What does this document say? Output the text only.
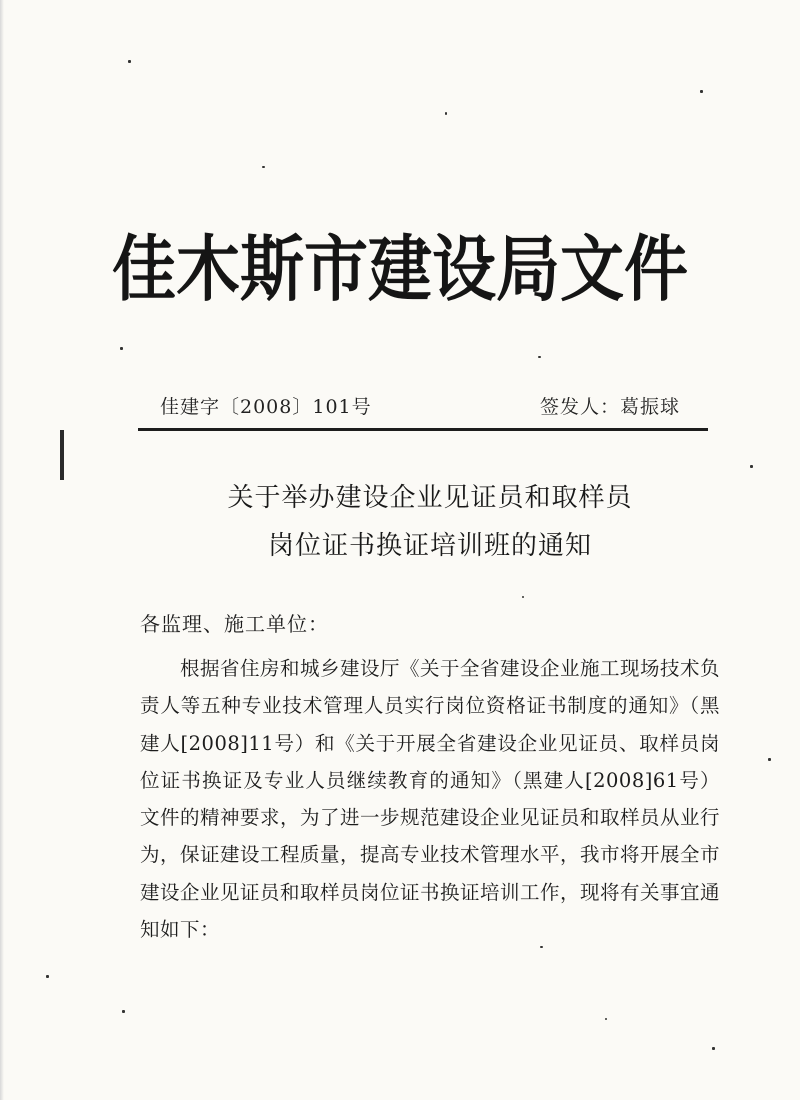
佳木斯市建设局文件
佳建字〔2008〕101号	签发人：葛振球
关于举办建设企业见证员和取样员
岗位证书换证培训班的通知
各监理、施工单位：
根据省住房和城乡建设厅《关于全省建设企业施工现场技术负责人等五种专业技术管理人员实行岗位资格证书制度的通知》（黑建人[2008]11号）和《关于开展全省建设企业见证员、取样员岗位证书换证及专业人员继续教育的通知》（黑建人[2008]61号）文件的精神要求，为了进一步规范建设企业见证员和取样员从业行为，保证建设工程质量，提高专业技术管理水平，我市将开展全市建设企业见证员和取样员岗位证书换证培训工作，现将有关事宜通知如下：
